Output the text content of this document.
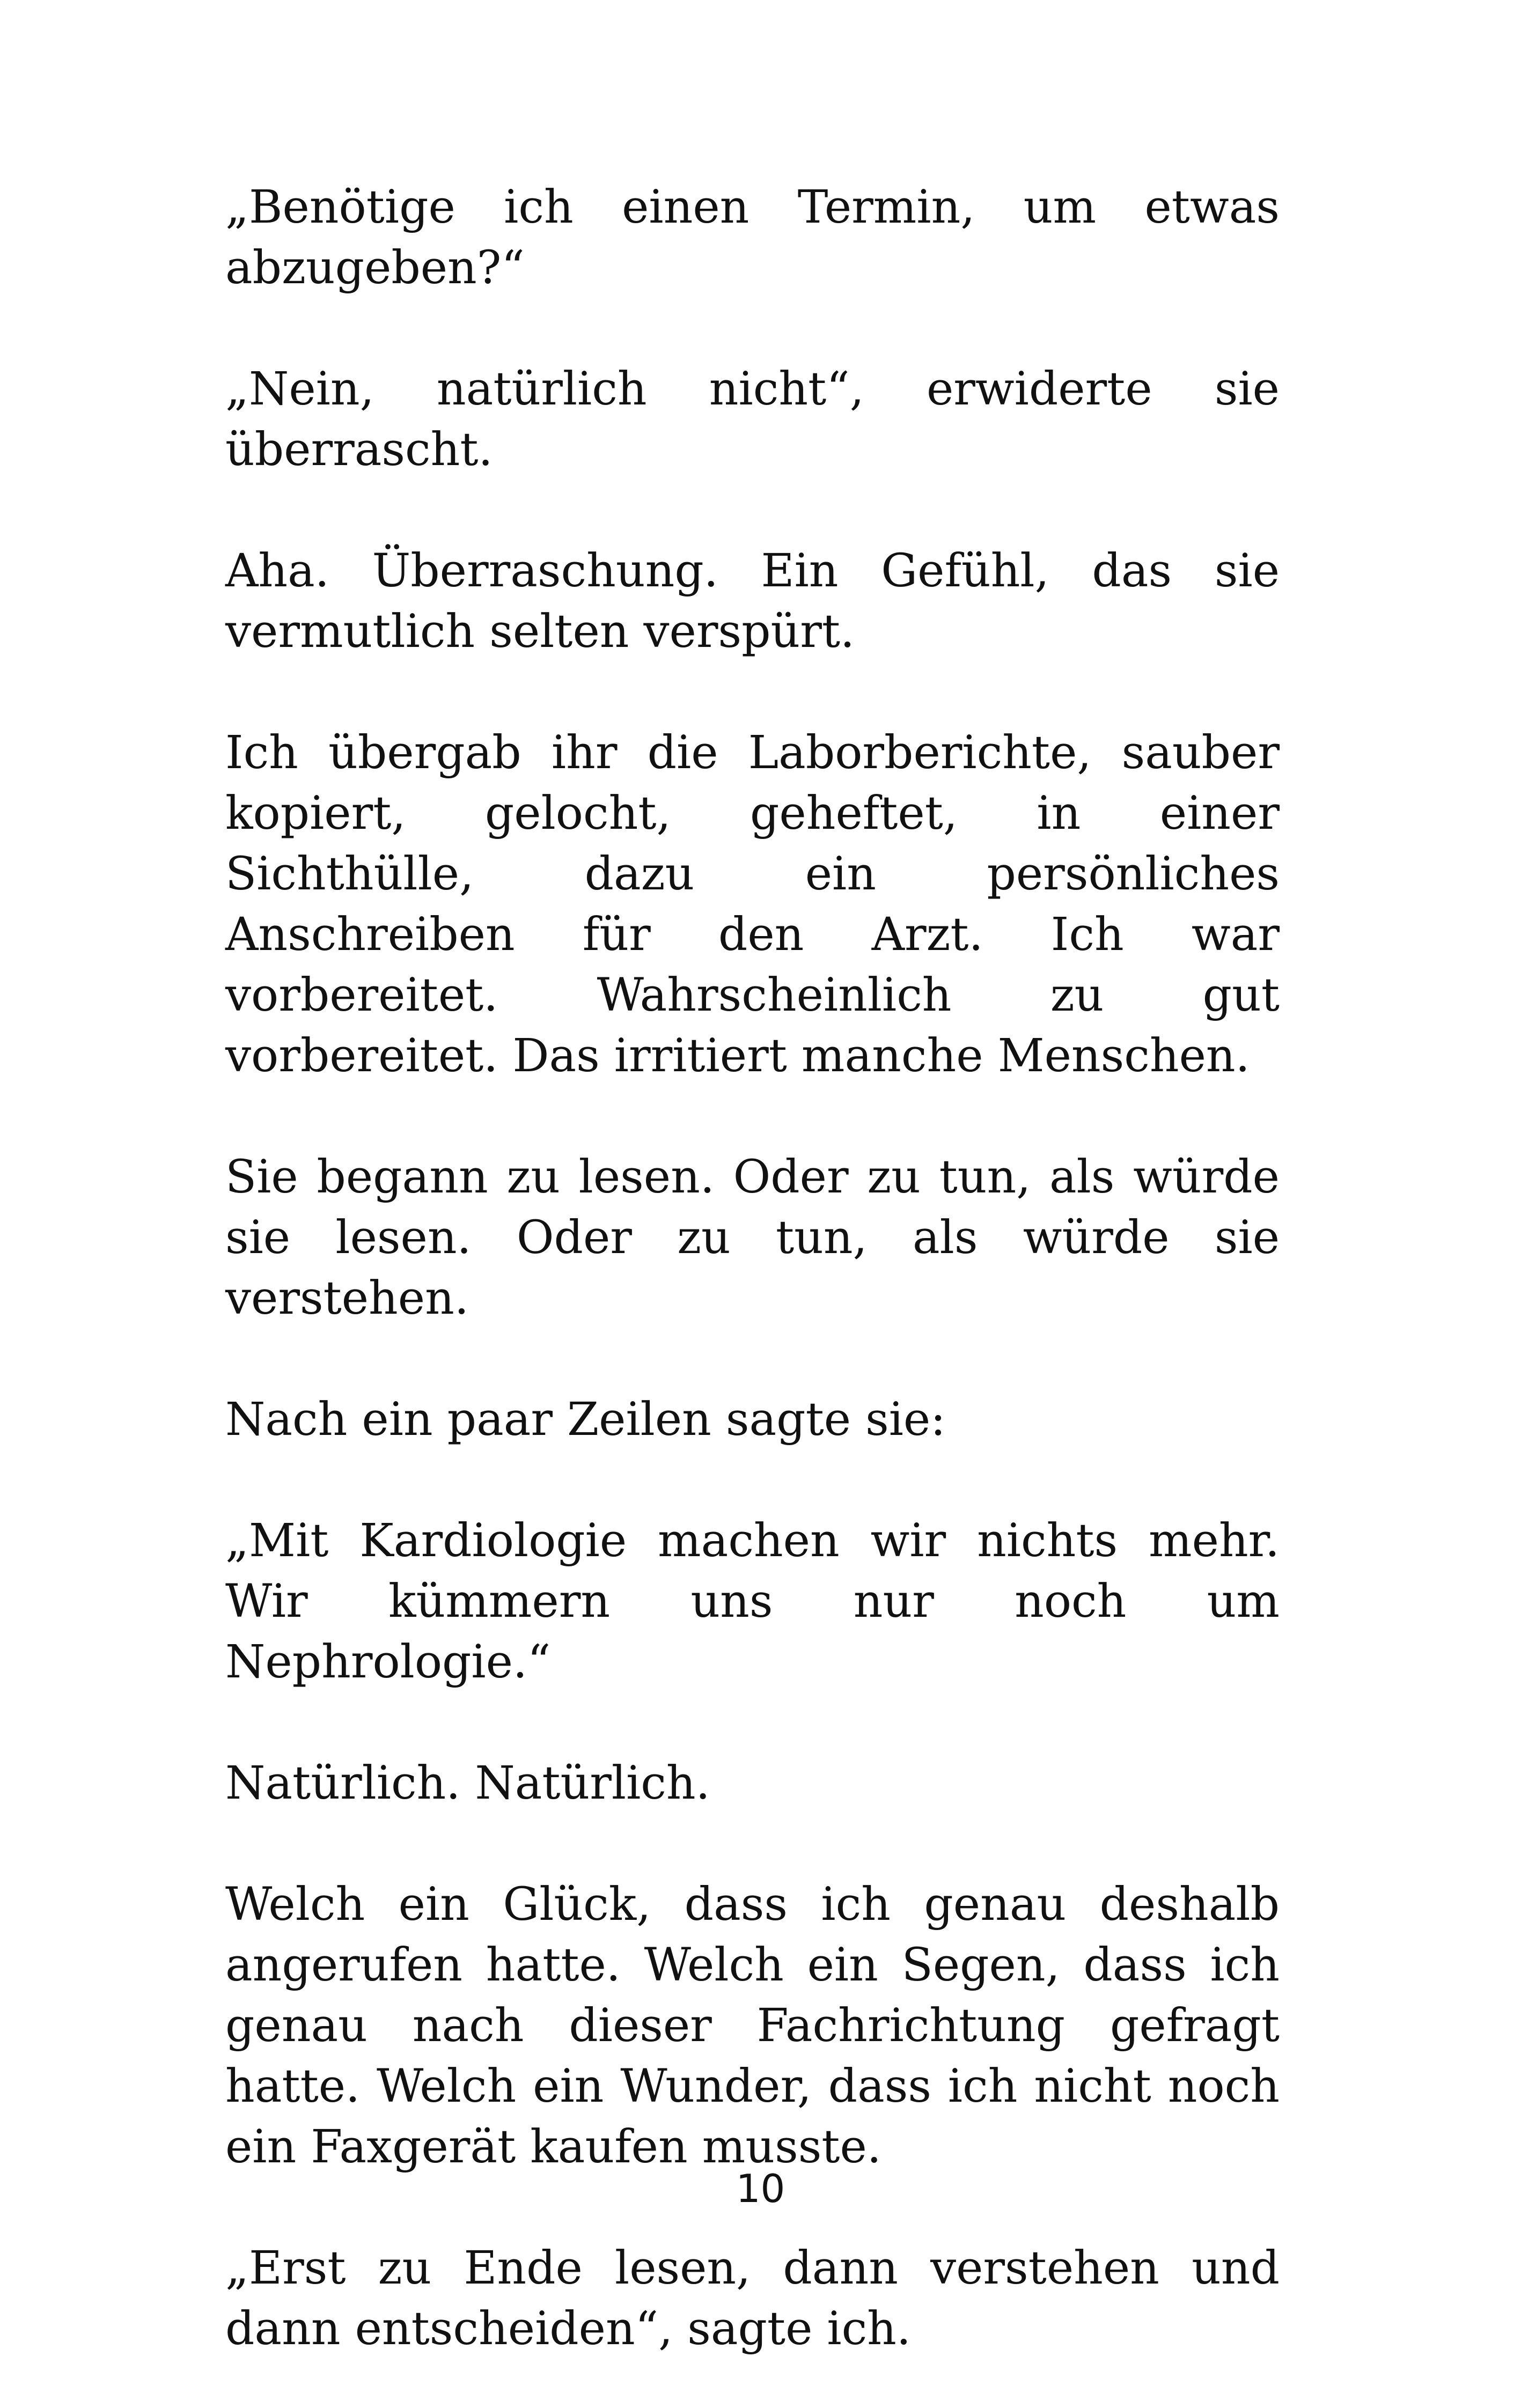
„Benötige ich einen Termin, um etwas abzugeben?“

„Nein, natürlich nicht“, erwiderte sie überrascht.

Aha. Überraschung. Ein Gefühl, das sie vermutlich selten verspürt.

Ich übergab ihr die Laborberichte, sauber kopiert, gelocht, geheftet, in einer Sichthülle, dazu ein persönliches Anschreiben für den Arzt. Ich war vorbereitet. Wahrscheinlich zu gut vorbereitet. Das irritiert manche Menschen.

Sie begann zu lesen. Oder zu tun, als würde sie lesen. Oder zu tun, als würde sie verstehen.

Nach ein paar Zeilen sagte sie:

„Mit Kardiologie machen wir nichts mehr. Wir kümmern uns nur noch um Nephrologie.“

Natürlich. Natürlich.

Welch ein Glück, dass ich genau deshalb angerufen hatte. Welch ein Segen, dass ich genau nach dieser Fachrichtung gefragt hatte. Welch ein Wunder, dass ich nicht noch ein Faxgerät kaufen musste.

„Erst zu Ende lesen, dann verstehen und dann entscheiden“, sagte ich.

10
